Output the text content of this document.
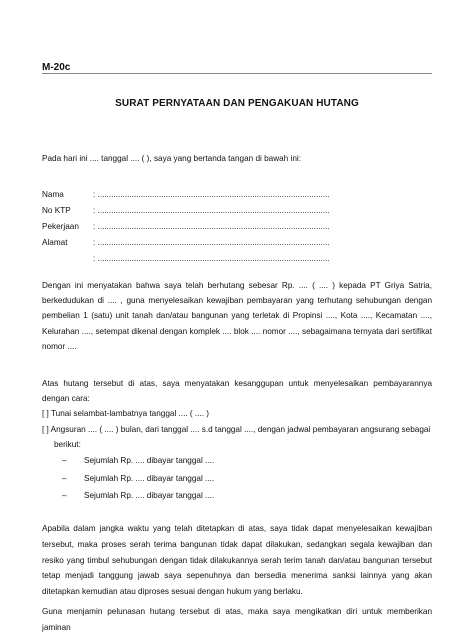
M-20c
SURAT PERNYATAAN DAN PENGAKUAN HUTANG
Pada hari ini .... tanggal .... ( ), saya yang bertanda tangan di bawah ini:
Nama	: ......................................................................................................
No KTP	: ......................................................................................................
Pekerjaan	: ......................................................................................................
Alamat	: ......................................................................................................
: ......................................................................................................
Dengan ini menyatakan bahwa saya telah berhutang sebesar Rp. .... ( .... ) kepada PT Griya Satria, berkedudukan di .... , guna menyelesaikan kewajiban pembayaran yang terhutang sehubungan dengan pembelian 1 (satu) unit tanah dan/atau bangunan yang terletak di Propinsi ...., Kota ...., Kecamatan ...., Kelurahan ...., setempat dikenal dengan komplek .... blok .... nomor ...., sebagaimana ternyata dari sertifikat nomor ....
Atas hutang tersebut di atas, saya menyatakan kesanggupan untuk menyelesaikan pembayarannya dengan cara:
[ ] Tunai selambat-lambatnya tanggal .... ( .... )
[ ] Angsuran .... ( .... ) bulan, dari tanggal .... s.d tanggal ...., dengan jadwal pembayaran angsurang sebagai
berikut:
–	Sejumlah Rp. .... dibayar tanggal ....
–	Sejumlah Rp. .... dibayar tanggal ....
–	Sejumlah Rp. .... dibayar tanggal ....
Apabila dalam jangka waktu yang telah ditetapkan di atas, saya tidak dapat menyelesaikan kewajiban tersebut, maka proses serah terima bangunan tidak dapat dilakukan, sedangkan segala kewajiban dan resiko yang timbul sehubungan dengan tidak dilakukannya serah terim tanah dan/atau bangunan tersebut tetap menjadi tanggung jawab saya sepenuhnya dan bersedia menerima sanksi lainnya yang akan ditetapkan kemudian atau diproses sesuai dengan hukum yang berlaku.
Guna menjamin pelunasan hutang tersebut di atas, maka saya mengikatkan diri untuk memberikan jaminan
